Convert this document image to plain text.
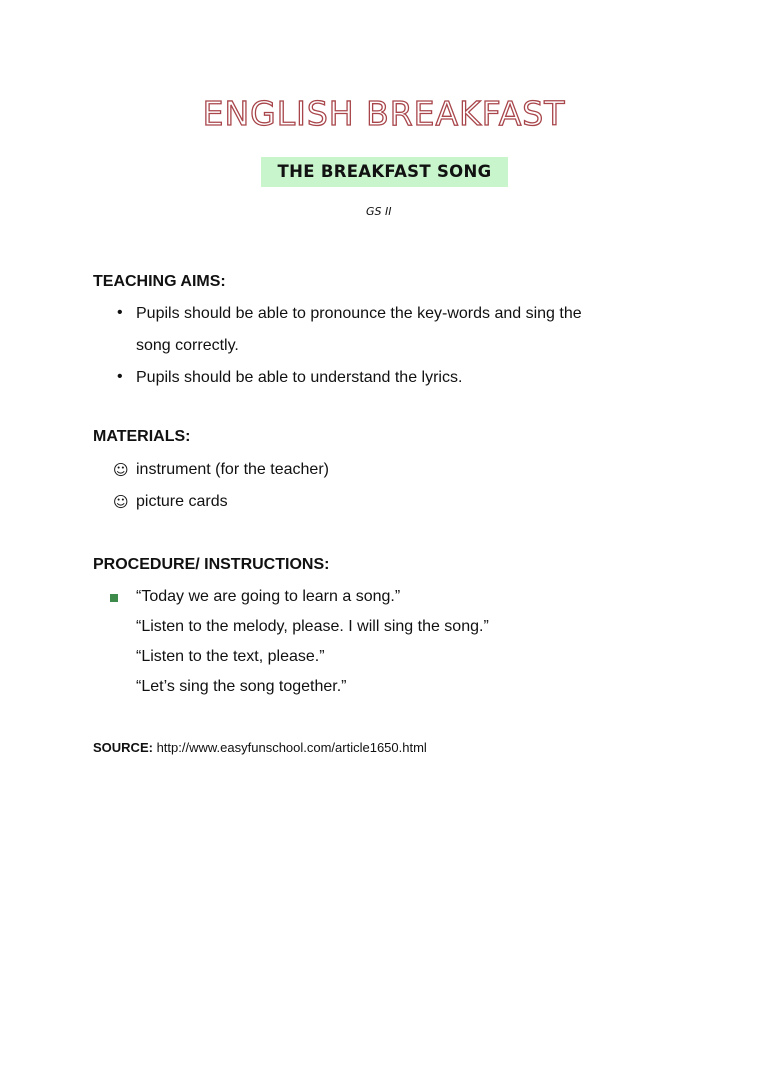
ENGLISH BREAKFAST
THE BREAKFAST SONG
GS II
TEACHING AIMS:
• Pupils should be able to pronounce the key-words and sing the
song correctly.
• Pupils should be able to understand the lyrics.
MATERIALS:
☺ instrument (for the teacher)
☺ picture cards
PROCEDURE/ INSTRUCTIONS:
“Today we are going to learn a song.”
“Listen to the melody, please. I will sing the song.”
“Listen to the text, please.”
“Let’s sing the song together.”
SOURCE: http://www.easyfunschool.com/article1650.html
